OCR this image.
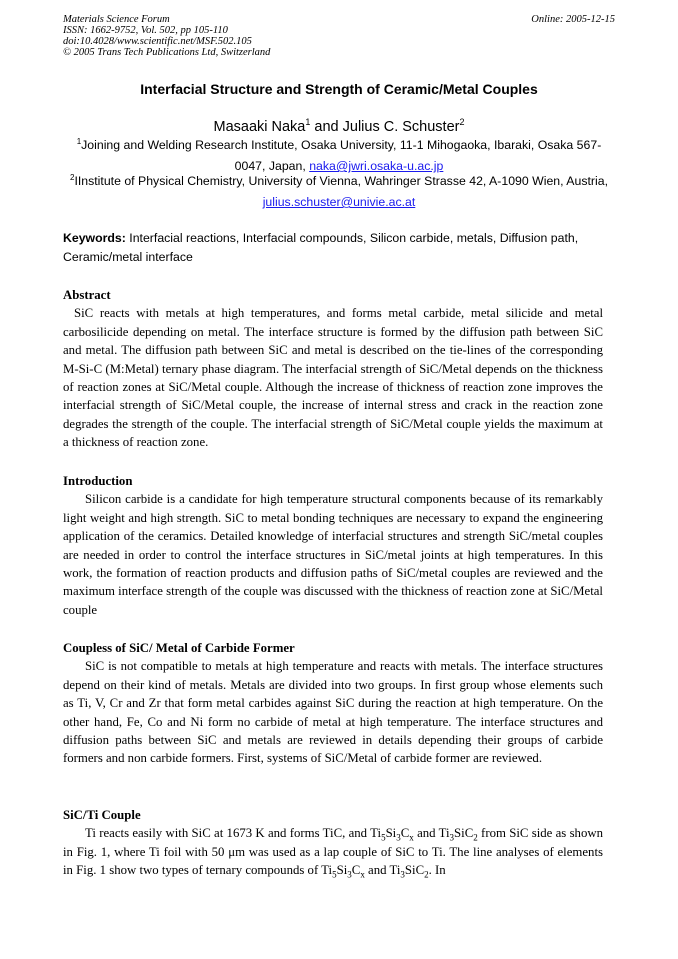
Materials Science Forum	Online: 2005-12-15
ISSN: 1662-9752, Vol. 502, pp 105-110
doi:10.4028/www.scientific.net/MSF.502.105
© 2005 Trans Tech Publications Ltd, Switzerland
Interfacial Structure and Strength of Ceramic/Metal Couples
Masaaki Naka$^1$ and Julius C. Schuster$^2$
$^1$Joining and Welding Research Institute, Osaka University, 11-1 Mihogaoka, Ibaraki, Osaka 567-0047, Japan, naka@jwri.osaka-u.ac.jp
$^2$IInstitute of Physical Chemistry, University of Vienna, Wahringer Strasse 42, A-1090 Wien, Austria, julius.schuster@univie.ac.at
Keywords: Interfacial reactions, Interfacial compounds, Silicon carbide, metals, Diffusion path, Ceramic/metal interface
Abstract

SiC reacts with metals at high temperatures, and forms metal carbide, metal silicide and metal carbosilicide depending on metal. The interface structure is formed by the diffusion path between SiC and metal. The diffusion path between SiC and metal is described on the tie-lines of the corresponding M-Si-C (M:Metal) ternary phase diagram. The interfacial strength of SiC/Metal depends on the thickness of reaction zones at SiC/Metal couple. Although the increase of thickness of reaction zone improves the interfacial strength of SiC/Metal couple, the increase of internal stress and crack in the reaction zone degrades the strength of the couple. The interfacial strength of SiC/Metal couple yields the maximum at a thickness of reaction zone.

Introduction

Silicon carbide is a candidate for high temperature structural components because of its remarkably light weight and high strength. SiC to metal bonding techniques are necessary to expand the engineering application of the ceramics. Detailed knowledge of interfacial structures and strength SiC/metal couples are needed in order to control the interface structures in SiC/metal joints at high temperatures. In this work, the formation of reaction products and diffusion paths of SiC/metal couples are reviewed and the maximum interface strength of the couple was discussed with the thickness of reaction zone at SiC/Metal couple

Coupless of SiC/ Metal of Carbide Former

SiC is not compatible to metals at high temperature and reacts with metals. The interface structures depend on their kind of metals. Metals are divided into two groups. In first group whose elements such as Ti, V, Cr and Zr that form metal carbides against SiC during the reaction at high temperature. On the other hand, Fe, Co and Ni form no carbide of metal at high temperature. The interface structures and diffusion paths between SiC and metals are reviewed in details depending their groups of carbide formers and non carbide formers. First, systems of SiC/Metal of carbide former are reviewed.

SiC/Ti Couple

Ti reacts easily with SiC at 1673 K and forms TiC, and $Ti_5Si_3C_x$ and $Ti_3SiC_2$ from SiC side as shown in Fig. 1, where Ti foil with 50 μm was used as a lap couple of SiC to Ti. The line analyses of elements in Fig. 1 show two types of ternary compounds of $Ti_5Si_3C_x$ and $Ti_3SiC_2$. In
